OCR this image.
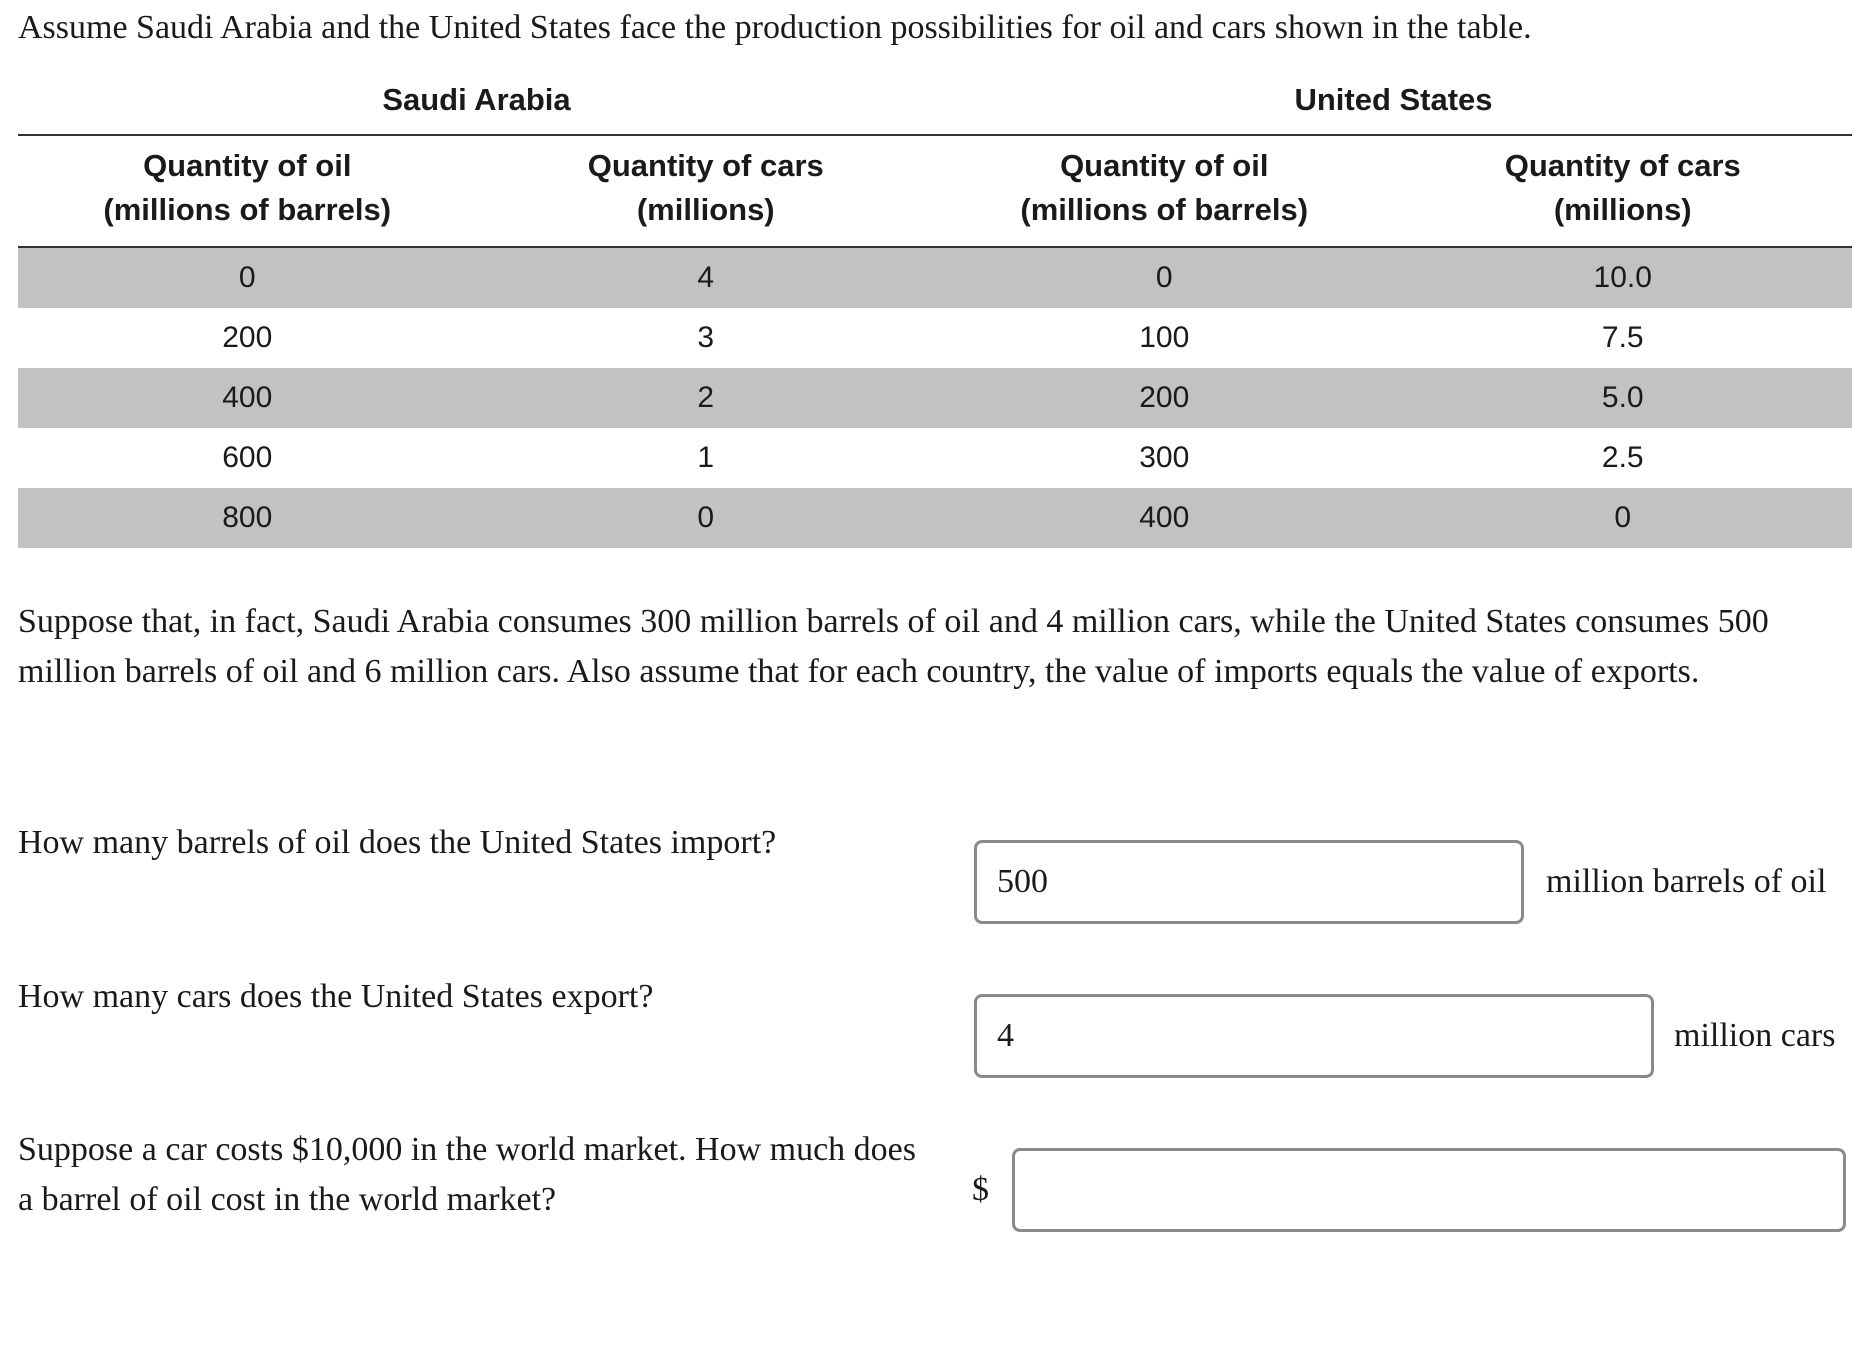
Assume Saudi Arabia and the United States face the production possibilities for oil and cars shown in the table.

Saudi Arabia		United States	

Quantity of oil
(millions of barrels)	Quantity of cars
(millions)	Quantity of oil
(millions of barrels)	Quantity of cars
(millions)

0	4	0	10.0
200	3	100	7.5
400	2	200	5.0
600	1	300	2.5
800	0	400	0

Suppose that, in fact, Saudi Arabia consumes 300 million barrels of oil and 4 million cars, while the United States consumes 500 million barrels of oil and 6 million cars. Also assume that for each country, the value of imports equals the value of exports.

How many barrels of oil does the United States import?

500

million barrels of oil

How many cars does the United States export?

4

million cars

Suppose a car costs $10,000 in the world market. How much does a barrel of oil cost in the world market?	$
